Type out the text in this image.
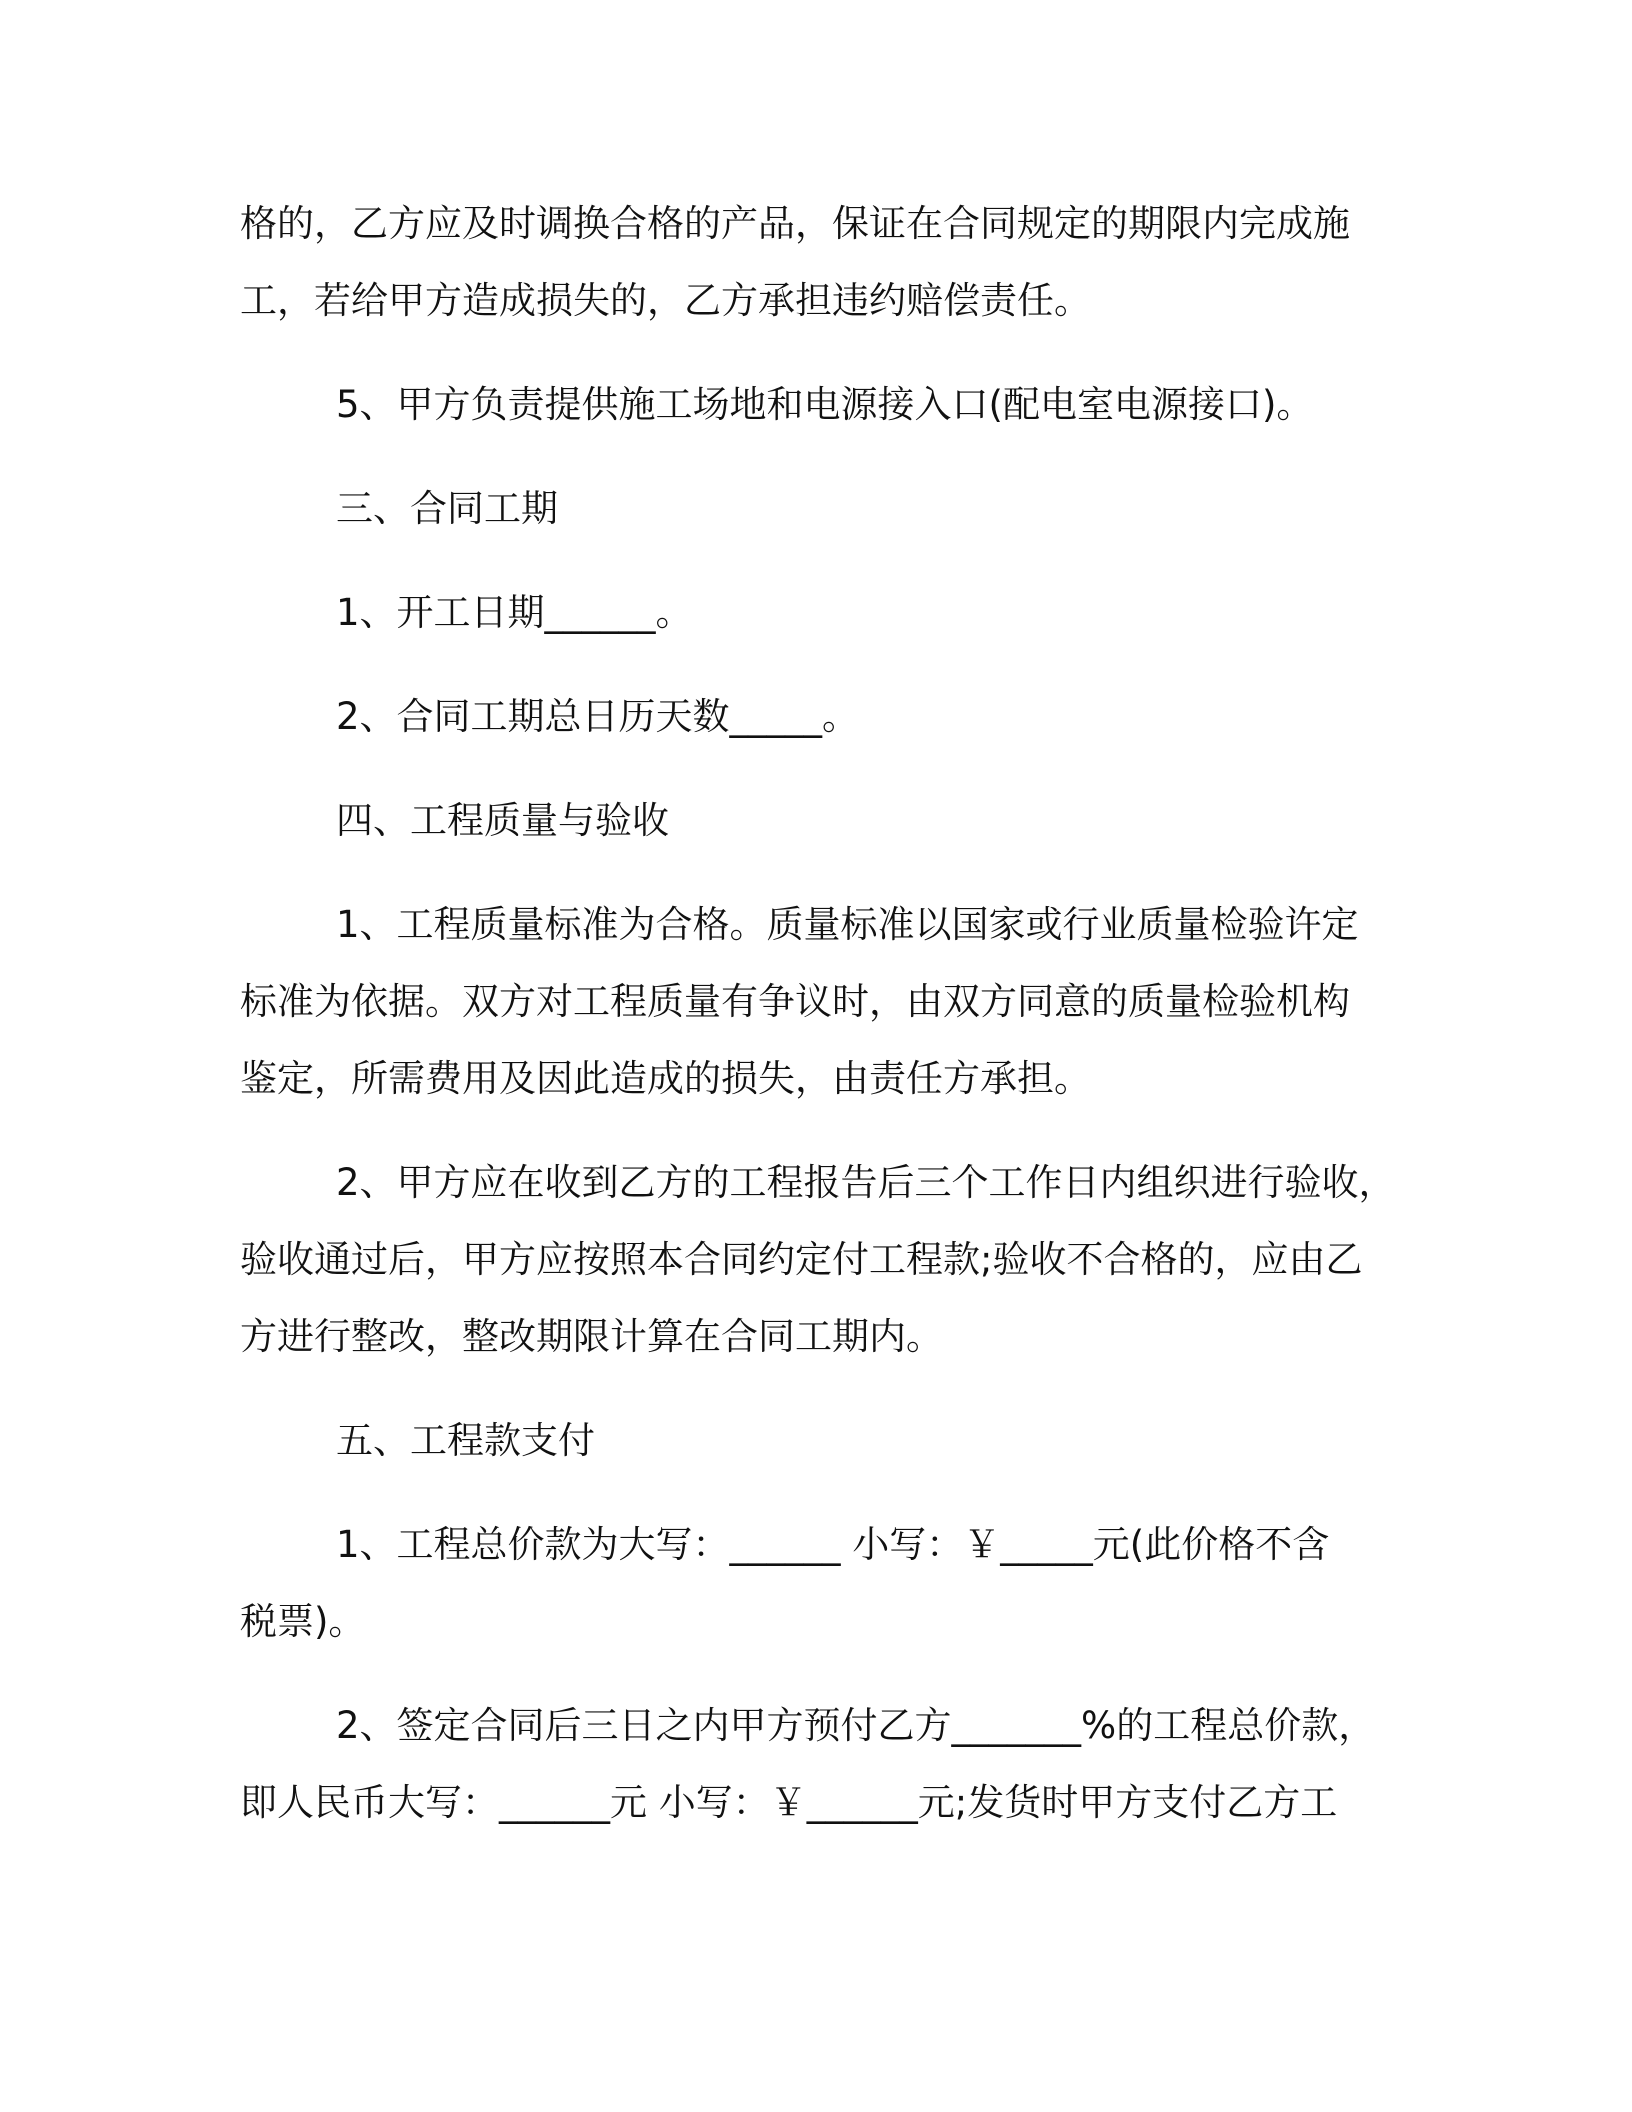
格的，乙方应及时调换合格的产品，保证在合同规定的期限内完成施
工，若给甲方造成损失的，乙方承担违约赔偿责任。

5、甲方负责提供施工场地和电源接入口(配电室电源接口)。

三、合同工期

1、开工日期______。

2、合同工期总日历天数_____。

四、工程质量与验收

1、工程质量标准为合格。质量标准以国家或行业质量检验许定
标准为依据。双方对工程质量有争议时，由双方同意的质量检验机构
鉴定，所需费用及因此造成的损失，由责任方承担。

2、甲方应在收到乙方的工程报告后三个工作日内组织进行验收，
验收通过后，甲方应按照本合同约定付工程款;验收不合格的，应由乙
方进行整改，整改期限计算在合同工期内。

五、工程款支付

1、工程总价款为大写：______ 小写：￥_____元(此价格不含
税票)。

2、签定合同后三日之内甲方预付乙方_______%的工程总价款，
即人民币大写：______元 小写：￥______元;发货时甲方支付乙方工
